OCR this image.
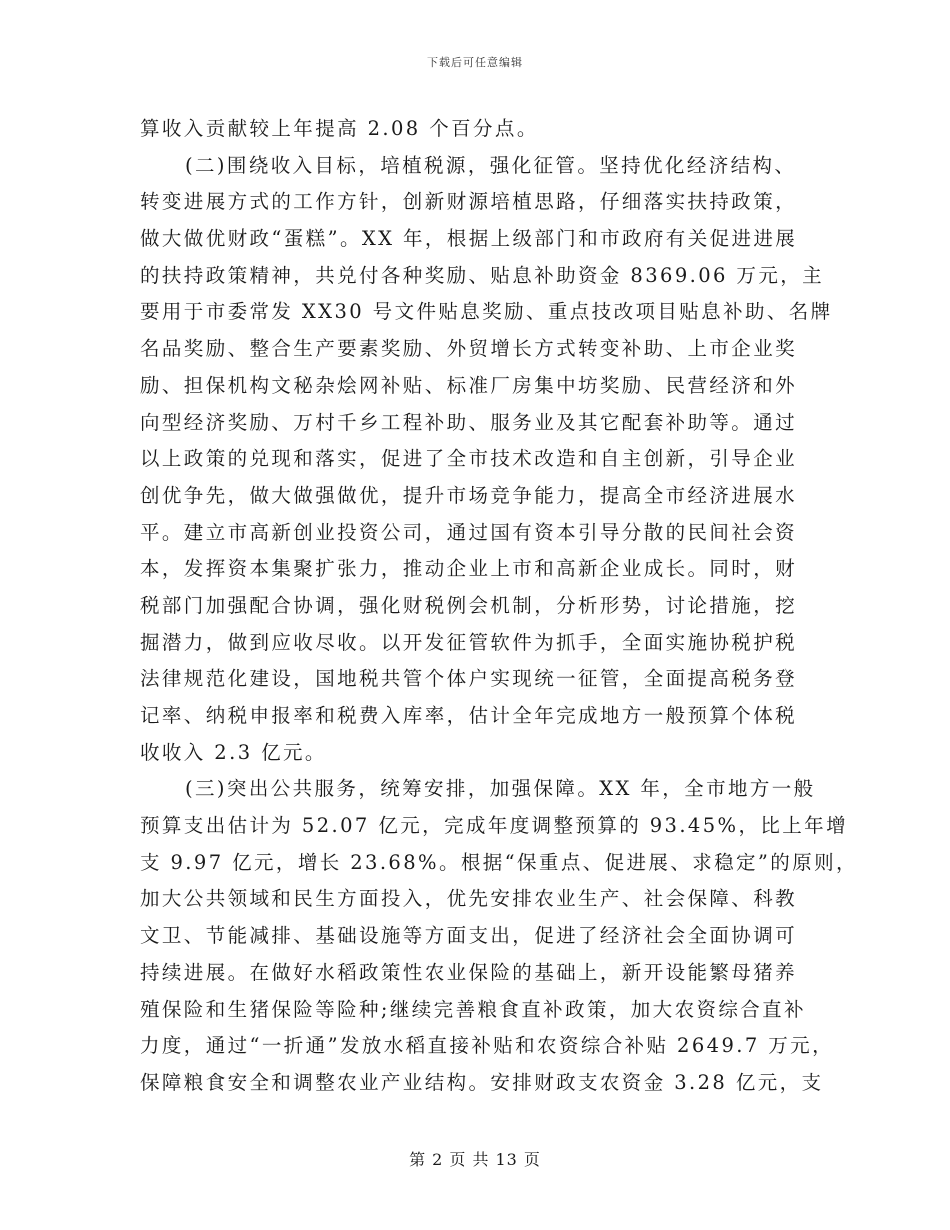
下载后可任意编辑
算收入贡献较上年提高 2.08 个百分点。
(二)围绕收入目标，培植税源，强化征管。坚持优化经济结构、
转变进展方式的工作方针，创新财源培植思路，仔细落实扶持政策，
做大做优财政“蛋糕”。XX 年，根据上级部门和市政府有关促进进展
的扶持政策精神，共兑付各种奖励、贴息补助资金 8369.06 万元，主
要用于市委常发 XX30 号文件贴息奖励、重点技改项目贴息补助、名牌
名品奖励、整合生产要素奖励、外贸增长方式转变补助、上市企业奖
励、担保机构文秘杂烩网补贴、标准厂房集中坊奖励、民营经济和外
向型经济奖励、万村千乡工程补助、服务业及其它配套补助等。通过
以上政策的兑现和落实，促进了全市技术改造和自主创新，引导企业
创优争先，做大做强做优，提升市场竞争能力，提高全市经济进展水
平。建立市高新创业投资公司，通过国有资本引导分散的民间社会资
本，发挥资本集聚扩张力，推动企业上市和高新企业成长。同时，财
税部门加强配合协调，强化财税例会机制，分析形势，讨论措施，挖
掘潜力，做到应收尽收。以开发征管软件为抓手，全面实施协税护税
法律规范化建设，国地税共管个体户实现统一征管，全面提高税务登
记率、纳税申报率和税费入库率，估计全年完成地方一般预算个体税
收收入 2.3 亿元。
(三)突出公共服务，统筹安排，加强保障。XX 年，全市地方一般
预算支出估计为 52.07 亿元，完成年度调整预算的 93.45%，比上年增
支 9.97 亿元，增长 23.68%。根据“保重点、促进展、求稳定”的原则，
加大公共领域和民生方面投入，优先安排农业生产、社会保障、科教
文卫、节能减排、基础设施等方面支出，促进了经济社会全面协调可
持续进展。在做好水稻政策性农业保险的基础上，新开设能繁母猪养
殖保险和生猪保险等险种;继续完善粮食直补政策，加大农资综合直补
力度，通过“一折通”发放水稻直接补贴和农资综合补贴 2649.7 万元，
保障粮食安全和调整农业产业结构。安排财政支农资金 3.28 亿元，支
第 2 页 共 13 页
